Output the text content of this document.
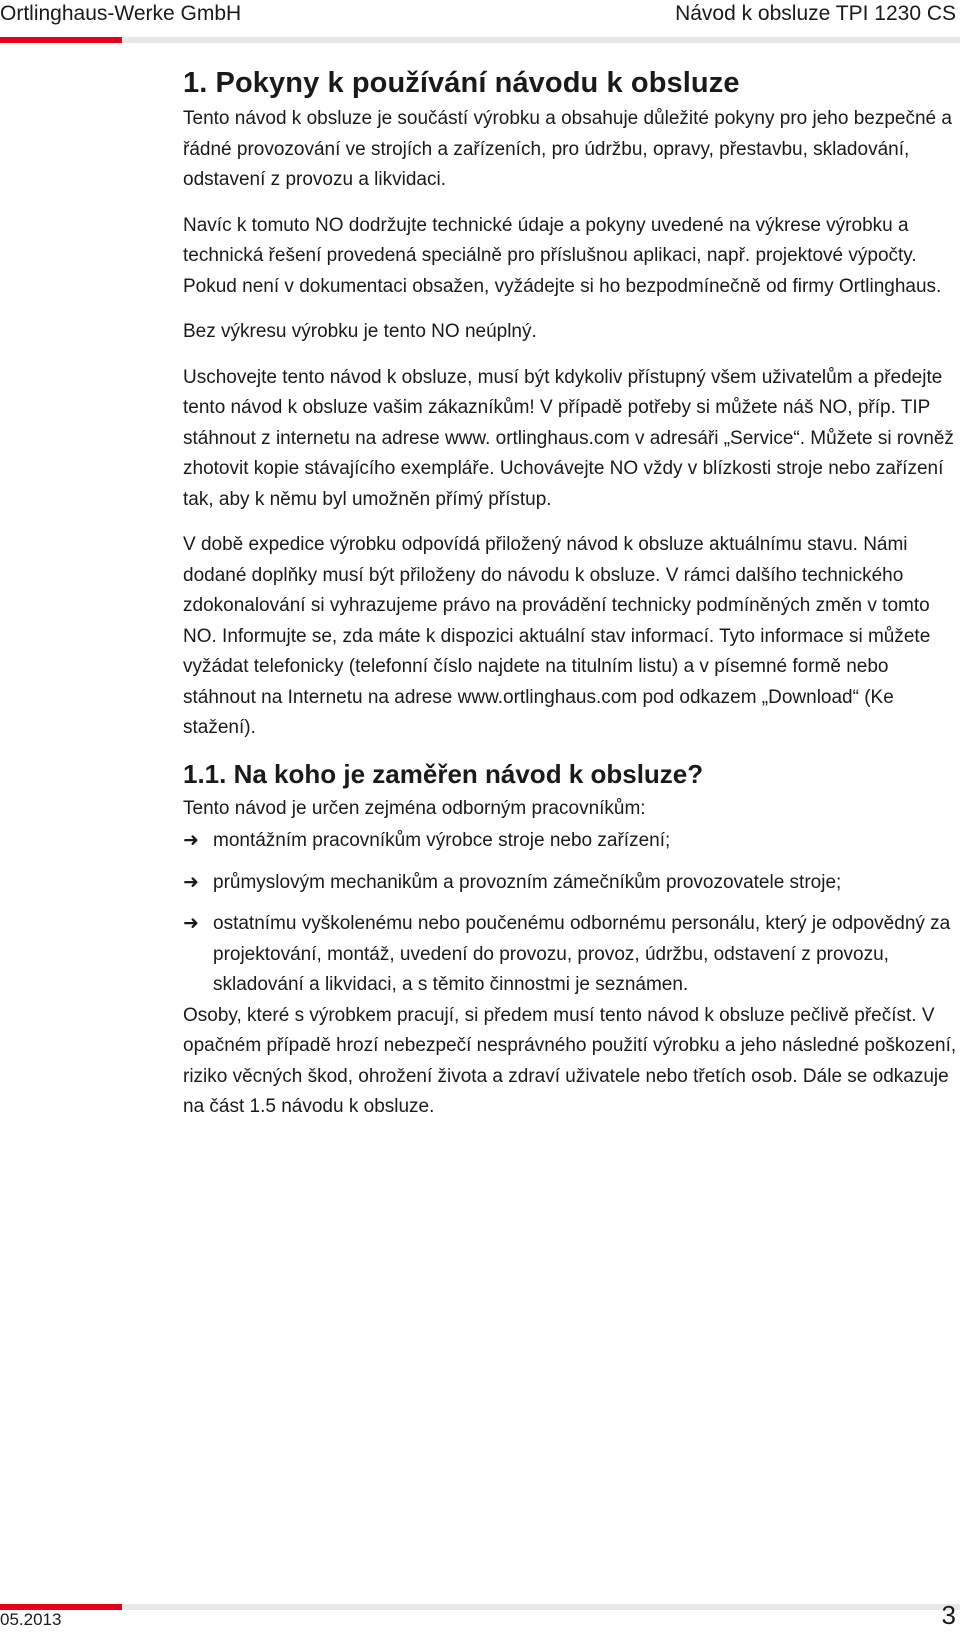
Ortlinghaus-Werke GmbH	Návod k obsluze TPI 1230 CS
1. Pokyny k používání návodu k obsluze

Tento návod k obsluze je součástí výrobku a obsahuje důležité pokyny pro jeho bezpečné a řádné provozování ve strojích a zařízeních, pro údržbu, opravy, přestavbu, skladování, odstavení z provozu a likvidaci.

Navíc k tomuto NO dodržujte technické údaje a pokyny uvedené na výkrese výrobku a technická řešení provedená speciálně pro příslušnou aplikaci, např. projektové výpočty. Pokud není v dokumentaci obsažen, vyžádejte si ho bezpodmínečně od firmy Ortlinghaus.

Bez výkresu výrobku je tento NO neúplný.

Uschovejte tento návod k obsluze, musí být kdykoliv přístupný všem uživatelům a předejte tento návod k obsluze vašim zákazníkům! V případě potřeby si můžete náš NO, příp. TIP stáhnout z internetu na adrese www. ortlinghaus.com v adresáři „Service“. Můžete si rovněž zhotovit kopie stávajícího exempláře. Uchovávejte NO vždy v blízkosti stroje nebo zařízení tak, aby k němu byl umožněn přímý přístup.

V době expedice výrobku odpovídá přiložený návod k obsluze aktuálnímu stavu. Námi dodané doplňky musí být přiloženy do návodu k obsluze. V rámci dalšího technického zdokonalování si vyhrazujeme právo na provádění technicky podmíněných změn v tomto NO. Informujte se, zda máte k dispozici aktuální stav informací. Tyto informace si můžete vyžádat telefonicky (telefonní číslo najdete na titulním listu) a v písemné formě nebo stáhnout na Internetu na adrese www.ortlinghaus.com pod odkazem „Download“ (Ke stažení).

1.1. Na koho je zaměřen návod k obsluze?

Tento návod je určen zejména odborným pracovníkům:

➜ montážním pracovníkům výrobce stroje nebo zařízení;
➜ průmyslovým mechanikům a provozním zámečníkům provozovatele stroje;
➜ ostatnímu vyškolenému nebo poučenému odbornému personálu, který je odpovědný za projektování, montáž, uvedení do provozu, provoz, údržbu, odstavení z provozu, skladování a likvidaci, a s těmito činnostmi je seznámen.

Osoby, které s výrobkem pracují, si předem musí tento návod k obsluze pečlivě přečíst. V opačném případě hrozí nebezpečí nesprávného použití výrobku a jeho následné poškození, riziko věcných škod, ohrožení života a zdraví uživatele nebo třetích osob. Dále se odkazuje na část 1.5 návodu k obsluze.

05.2013	3
